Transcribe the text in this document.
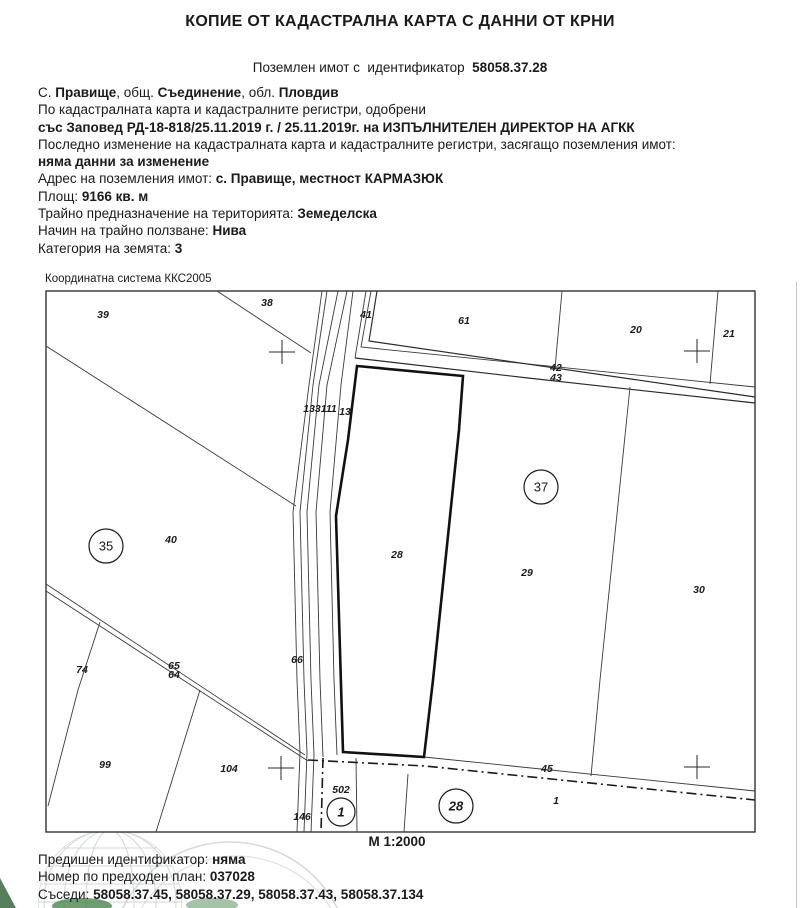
39
38
41	61
20	21
42
43
133111 13
40
28
29
30
66
65
64
74
99	104
502
146
45
1
35
37
1	28
КОПИЕ ОТ КАДАСТРАЛНА КАРТА С ДАННИ ОТ КРНИ
Поземлен имот с  идентификатор 58058.37.28
С. Правище, общ. Съединение, обл. Пловдив
По кадастралната карта и кадастралните регистри, одобрени
със Заповед РД-18-818/25.11.2019 г. / 25.11.2019г. на ИЗПЪЛНИТЕЛЕН ДИРЕКТОР НА АГКК
Последно изменение на кадастралната карта и кадастралните регистри, засягащо поземления имот:
няма данни за изменение
Адрес на поземления имот: с. Правище, местност КАРМАЗЮК
Площ: 9166 кв. м
Трайно предназначение на територията: Земеделска
Начин на трайно ползване: Нива
Категория на земята: 3
Координатна система ККС2005
М 1:2000
Предишен идентификатор: няма
Номер по предходен план: 037028
Съседи: 58058.37.45, 58058.37.29, 58058.37.43, 58058.37.134
